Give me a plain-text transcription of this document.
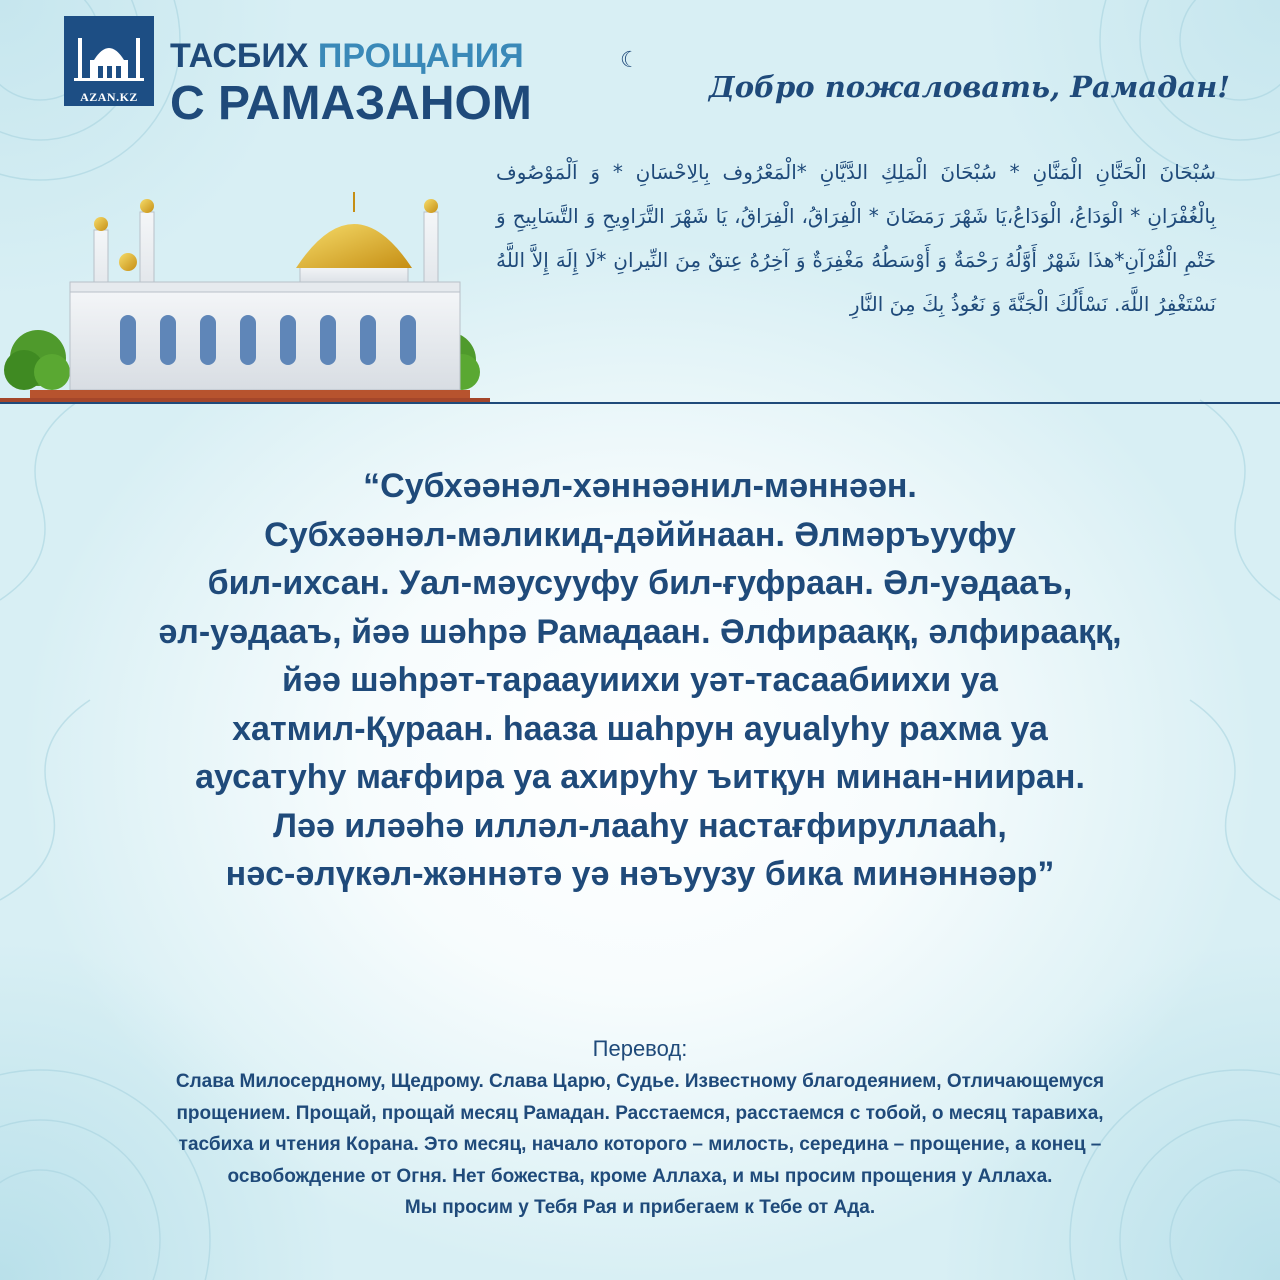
AZAN.KZ
ТАСБИХ ПРОЩАНИЯ
С РАМАЗАНОМ
☾
Добро пожаловать, Рамадан!
سُبْحَانَ الْحَنَّانِ الْمَنَّانِ * سُبْحَانَ الْمَلِكِ الدَّيَّانِ *الْمَعْرُوف بِالِاحْسَانِ * وَ اَلْمَوْصُوف بِالْغُفْرَانِ * الْوَدَاعُ، الْوَدَاعُ،يَا شَهْرَ رَمَضَانَ * الْفِرَاقُ، الْفِرَاقُ، يَا شَهْرَ التَّرَاوِيحِ وَ التَّسَابِيحِ وَ خَتْمِ الْقُرْآنِ*هذَا شَهْرٌ أَوَّلُهُ رَحْمَةٌ وَ أَوْسَطُهُ مَغْفِرَةٌ وَ آخِرُهُ عِتقٌ مِنَ النِّيرانِ *لَا إِلَهَ إِلاَّ اللَّهُ نَسْتَغْفِرُ اللَّهَ. نَسْأَلُكَ الْجَنَّةَ وَ نَعُوذُ بِكَ مِنَ النَّارِ
“Субхəəнəл-хəннəəнил-мəннəəн.
Субхəəнəл-мəликид-дəййнаан. Əлмəръууфу
бил-ихсан. Уал-мəусууфу бил-ғуфраан. Əл-уəдааъ,
əл-уəдааъ, йəə шəһрə Рамадаан. Əлфирааққ, əлфирааққ,
йəə шəһрəт-тараауиихи уəт-тасаабиихи уа
хатмил-Қураан. һааза шаһрун ауualуһу рахма уа
аусатуһу мағфира уа ахируһу ъитқун минан-нииран.
Лəə илəəһə иллəл-лааһу настағфируллааһ,
нəс-əлүкəл-жəннəтə уə нəъуузу бика минəннəəр”
Перевод:
Слава Милосердному, Щедрому. Слава Царю, Судье. Известному благодеянием, Отличающемуся
прощением. Прощай, прощай месяц Рамадан. Расстаемся, расстаемся с тобой, о месяц таравиха,
тасбиха и чтения Корана. Это месяц, начало которого – милость, середина – прощение, а конец –
освобождение от Огня. Нет божества, кроме Аллаха, и мы просим прощения у Аллаха.
Мы просим у Тебя Рая и прибегаем к Тебе от Ада.
